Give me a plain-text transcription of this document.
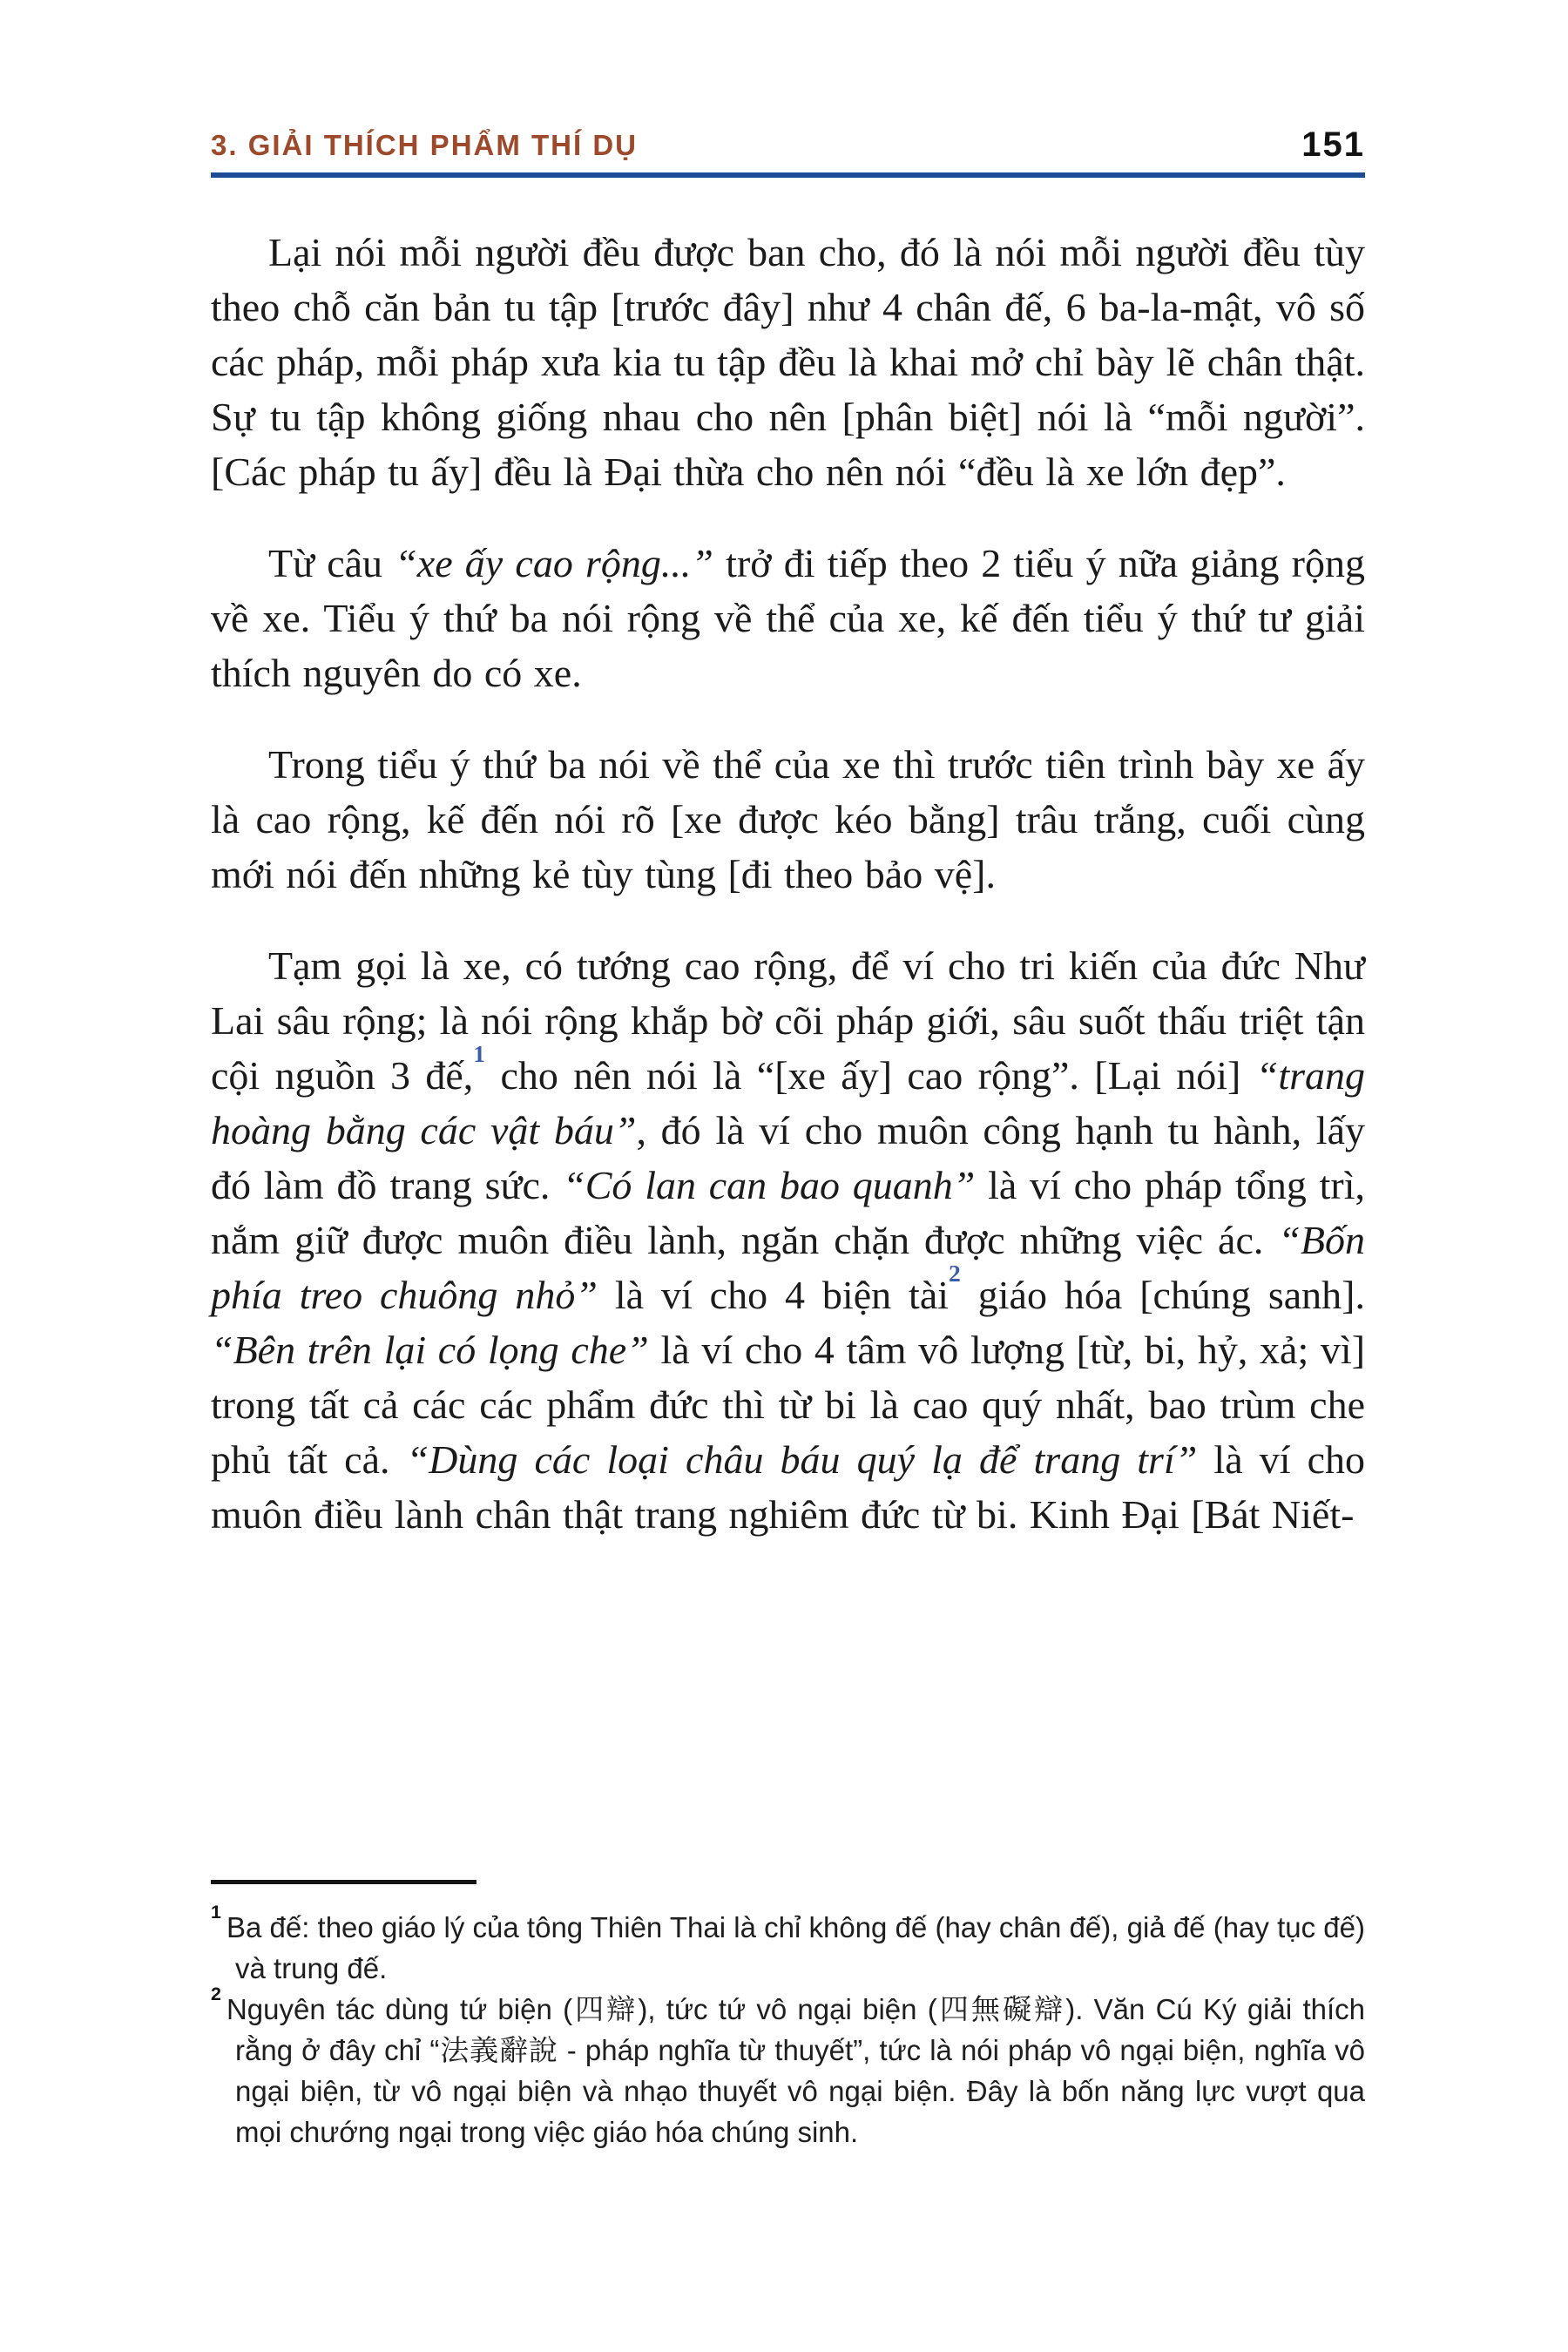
3. GIẢI THÍCH PHẨM THÍ DỤ	151

Lại nói mỗi người đều được ban cho, đó là nói mỗi người đều tùy theo chỗ căn bản tu tập [trước đây] như 4 chân đế, 6 ba-la-mật, vô số các pháp, mỗi pháp xưa kia tu tập đều là khai mở chỉ bày lẽ chân thật. Sự tu tập không giống nhau cho nên [phân biệt] nói là “mỗi người”. [Các pháp tu ấy] đều là Đại thừa cho nên nói “đều là xe lớn đẹp”.

Từ câu “xe ấy cao rộng...” trở đi tiếp theo 2 tiểu ý nữa giảng rộng về xe. Tiểu ý thứ ba nói rộng về thể của xe, kế đến tiểu ý thứ tư giải thích nguyên do có xe.

Trong tiểu ý thứ ba nói về thể của xe thì trước tiên trình bày xe ấy là cao rộng, kế đến nói rõ [xe được kéo bằng] trâu trắng, cuối cùng mới nói đến những kẻ tùy tùng [đi theo bảo vệ].

Tạm gọi là xe, có tướng cao rộng, để ví cho tri kiến của đức Như Lai sâu rộng; là nói rộng khắp bờ cõi pháp giới, sâu suốt thấu triệt tận cội nguồn 3 đế,$^1$ cho nên nói là “[xe ấy] cao rộng”. [Lại nói] “trang hoàng bằng các vật báu”, đó là ví cho muôn công hạnh tu hành, lấy đó làm đồ trang sức. “Có lan can bao quanh” là ví cho pháp tổng trì, nắm giữ được muôn điều lành, ngăn chặn được những việc ác. “Bốn phía treo chuông nhỏ” là ví cho 4 biện tài$^2$ giáo hóa [chúng sanh]. “Bên trên lại có lọng che” là ví cho 4 tâm vô lượng [từ, bi, hỷ, xả; vì] trong tất cả các các phẩm đức thì từ bi là cao quý nhất, bao trùm che phủ tất cả. “Dùng các loại châu báu quý lạ để trang trí” là ví cho muôn điều lành chân thật trang nghiêm đức từ bi. Kinh Đại [Bát Niết-

$^1$ Ba đế: theo giáo lý của tông Thiên Thai là chỉ không đế (hay chân đế), giả đế (hay tục đế) và trung đế.

$^2$ Nguyên tác dùng tứ biện (四辯), tức tứ vô ngại biện (四無礙辯). Văn Cú Ký giải thích rằng ở đây chỉ “法義辭說 - pháp nghĩa từ thuyết”, tức là nói pháp vô ngại biện, nghĩa vô ngại biện, từ vô ngại biện và nhạo thuyết vô ngại biện. Đây là bốn năng lực vượt qua mọi chướng ngại trong việc giáo hóa chúng sinh.
